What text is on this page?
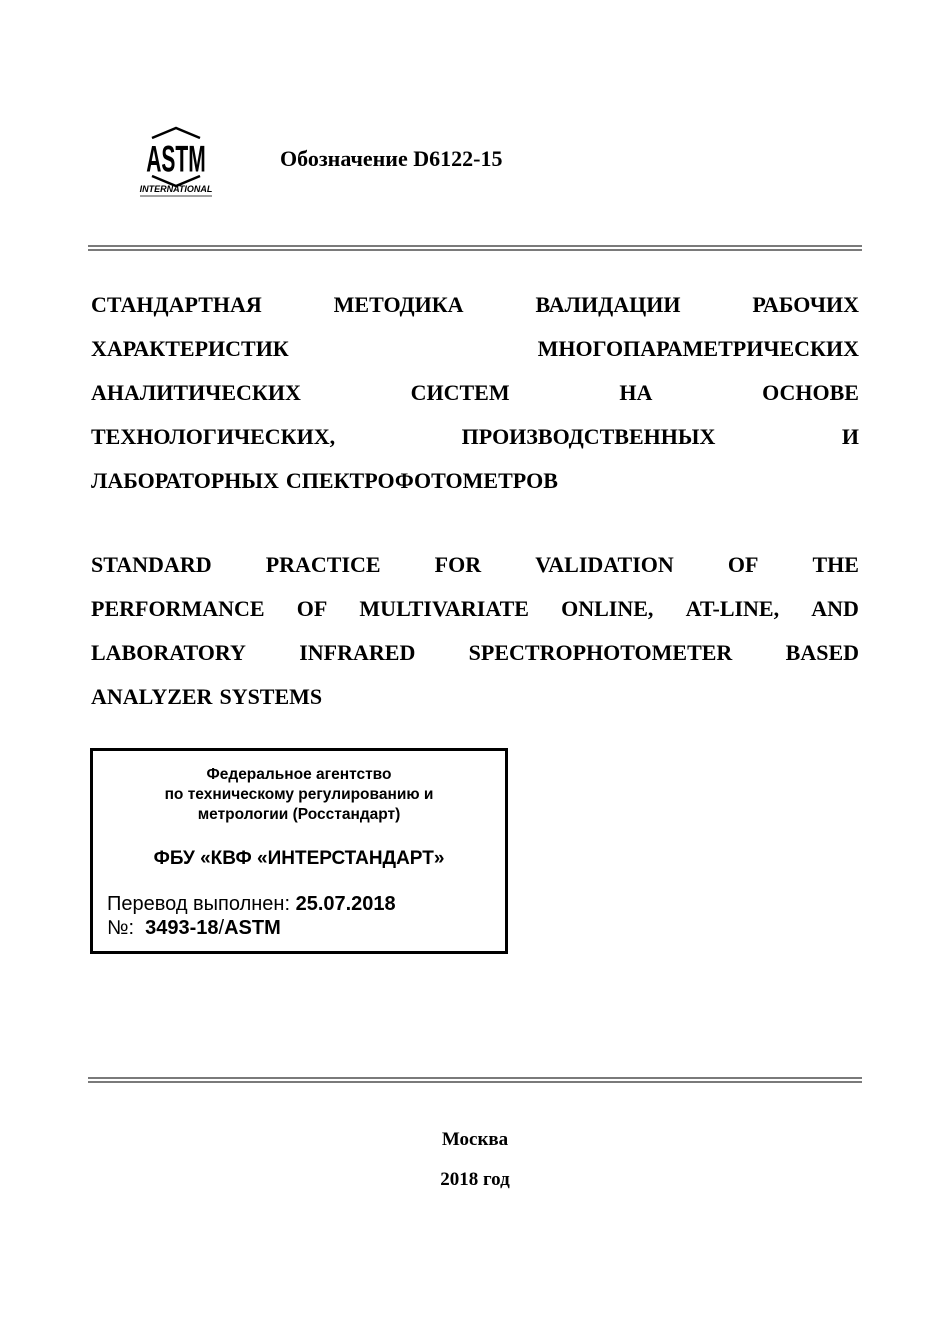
ASTM
INTERNATIONAL
Обозначение D6122-15
СТАНДАРТНАЯ	МЕТОДИКА	ВАЛИДАЦИИ	РАБОЧИХ
ХАРАКТЕРИСТИК	МНОГОПАРАМЕТРИЧЕСКИХ
АНАЛИТИЧЕСКИХ	СИСТЕМ	НА	ОСНОВЕ
ТЕХНОЛОГИЧЕСКИХ,	ПРОИЗВОДСТВЕННЫХ	И
ЛАБОРАТОРНЫХ СПЕКТРОФОТОМЕТРОВ
STANDARD PRACTICE FOR VALIDATION OF THE
PERFORMANCE OF MULTIVARIATE ONLINE, AT-LINE, AND
LABORATORY INFRARED SPECTROPHOTOMETER BASED
ANALYZER SYSTEMS
Федеральное агентство
по техническому регулированию и
метрологии (Росстандарт)
ФБУ «КВФ «ИНТЕРСТАНДАРТ»
Перевод выполнен: 25.07.2018
№: 3493-18/ASTM
Москва
2018 год
